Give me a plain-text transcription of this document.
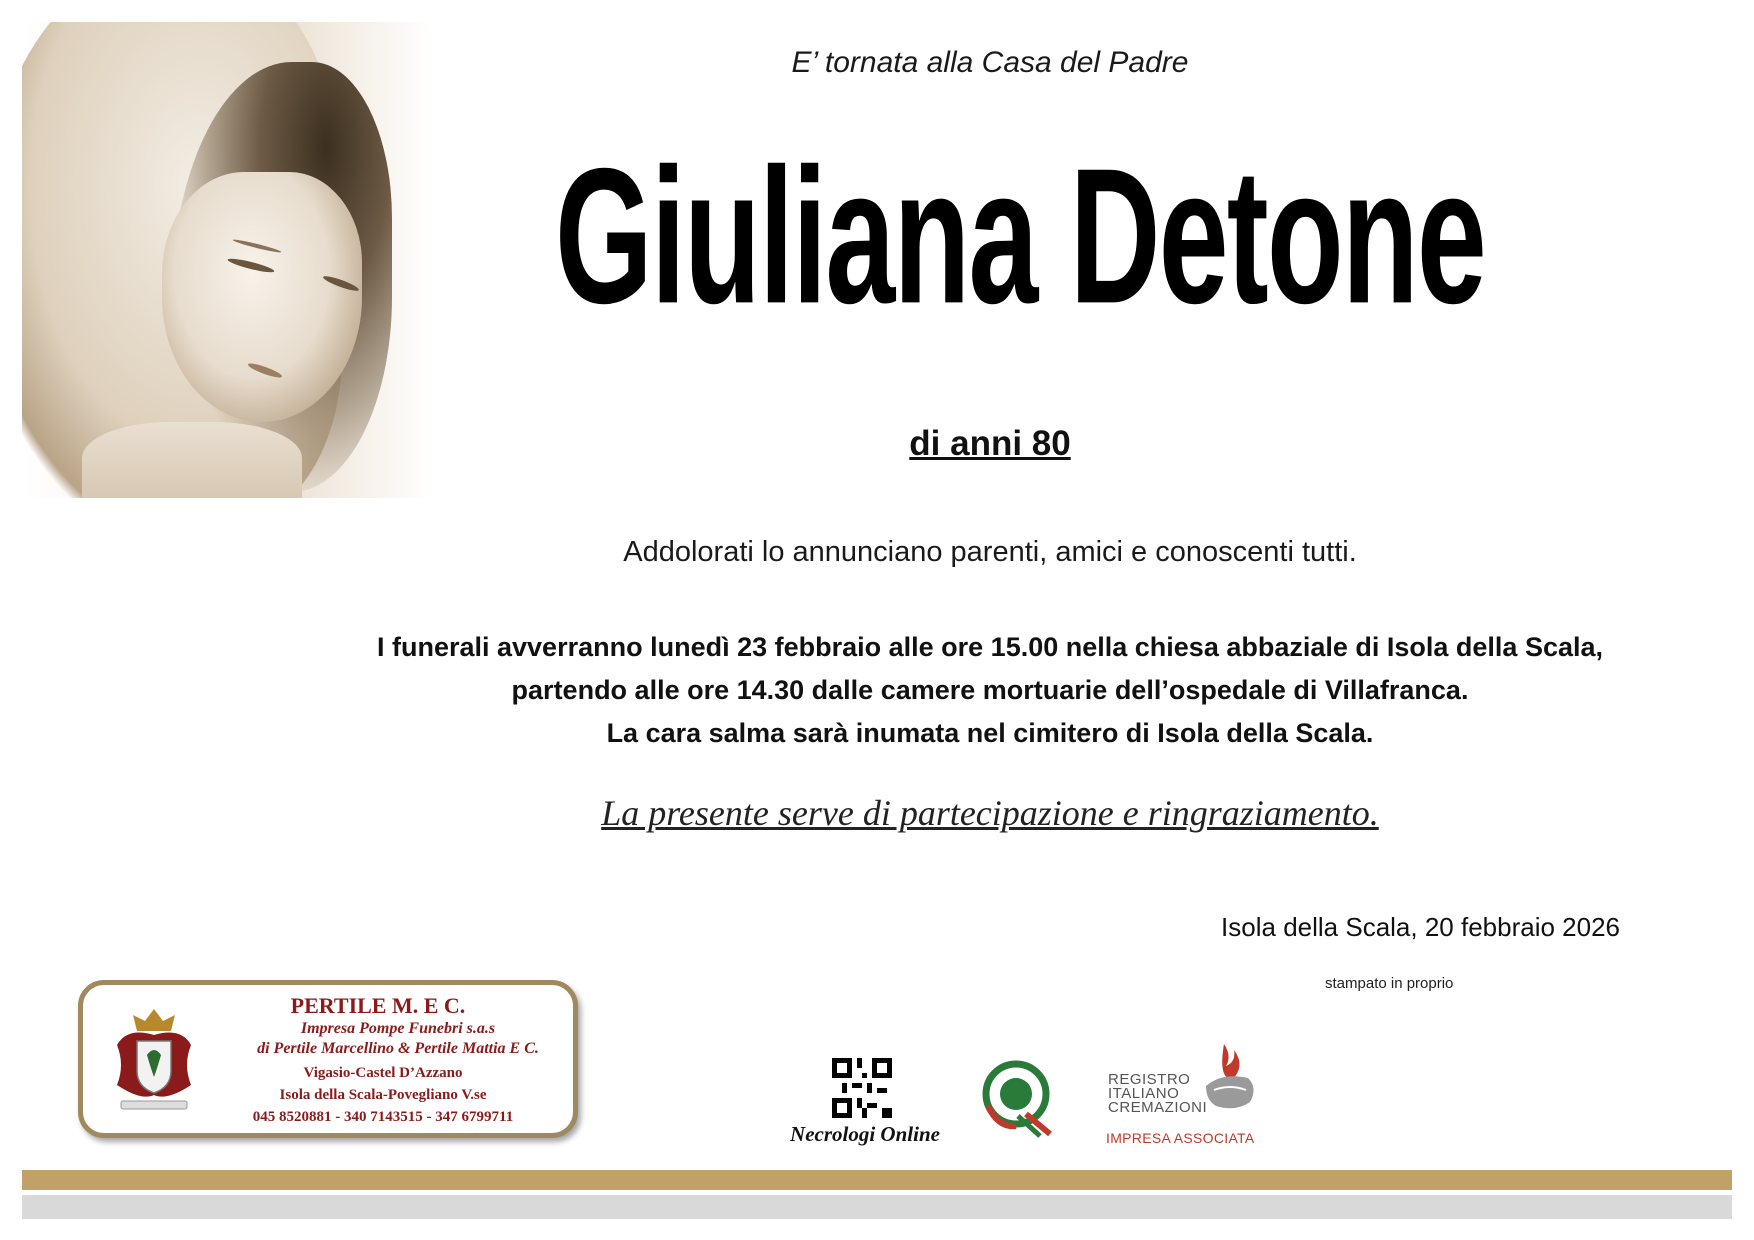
E’ tornata alla Casa del Padre
Giuliana Detone
di anni 80
Addolorati lo annunciano parenti, amici e conoscenti tutti.
I funerali avverranno lunedì 23 febbraio alle ore 15.00 nella chiesa abbaziale di Isola della Scala,
partendo alle ore 14.30 dalle camere mortuarie dell’ospedale di Villafranca.
La cara salma sarà inumata nel cimitero di Isola della Scala.
La presente serve di partecipazione e ringraziamento.
Isola della Scala, 20 febbraio 2026
stampato in proprio
PERTILE M. E C.
Impresa Pompe Funebri s.a.s
di Pertile Marcellino & Pertile Mattia E C.
Vigasio-Castel D’Azzano
Isola della Scala-Povegliano V.se
045 8520881 - 340 7143515 - 347 6799711
Necrologi Online
REGISTRO
ITALIANO
CREMAZIONI
IMPRESA ASSOCIATA
